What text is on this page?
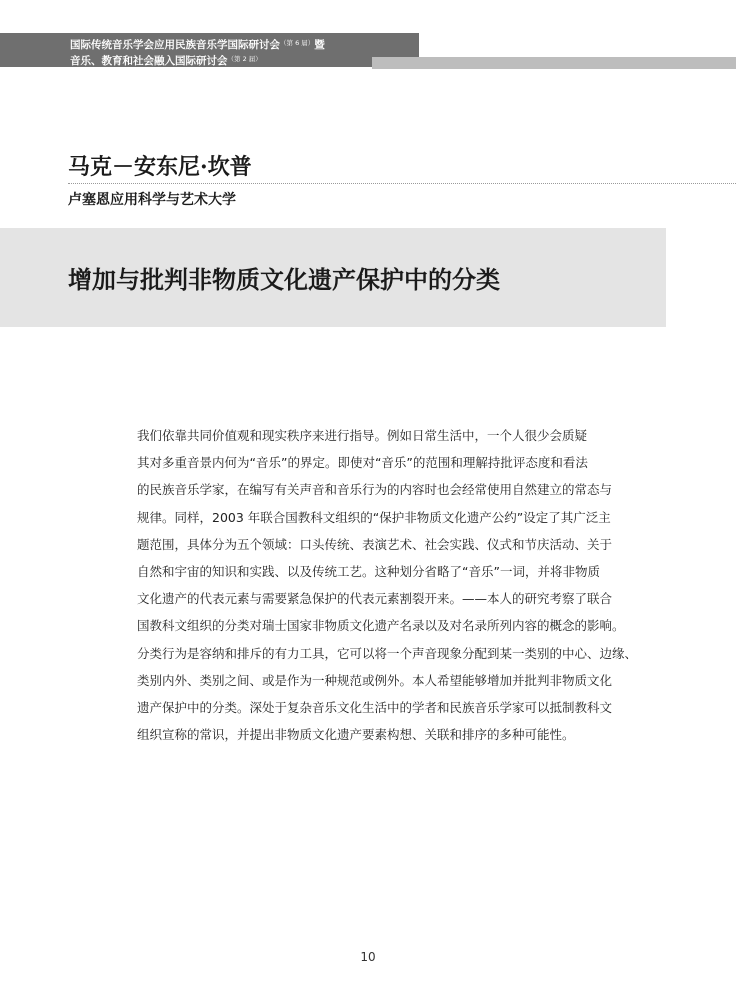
国际传统音乐学会应用民族音乐学国际研讨会$^{(第 6 届)}$暨
音乐、教育和社会融入国际研讨会$^{(第 2 届)}$
马克－安东尼·坎普
卢塞恩应用科学与艺术大学
增加与批判非物质文化遗产保护中的分类
我们依靠共同价值观和现实秩序来进行指导。例如日常生活中，一个人很少会质疑
其对多重音景内何为“音乐”的界定。即使对“音乐”的范围和理解持批评态度和看法
的民族音乐学家，在编写有关声音和音乐行为的内容时也会经常使用自然建立的常态与
规律。同样，2003 年联合国教科文组织的“保护非物质文化遗产公约”设定了其广泛主
题范围，具体分为五个领域：口头传统、表演艺术、社会实践、仪式和节庆活动、关于
自然和宇宙的知识和实践、以及传统工艺。这种划分省略了“音乐”一词，并将非物质
文化遗产的代表元素与需要紧急保护的代表元素割裂开来。——本人的研究考察了联合
国教科文组织的分类对瑞士国家非物质文化遗产名录以及对名录所列内容的概念的影响。
分类行为是容纳和排斥的有力工具，它可以将一个声音现象分配到某一类别的中心、边缘、
类别内外、类别之间、或是作为一种规范或例外。本人希望能够增加并批判非物质文化
遗产保护中的分类。深处于复杂音乐文化生活中的学者和民族音乐学家可以抵制教科文
组织宣称的常识，并提出非物质文化遗产要素构想、关联和排序的多种可能性。
10
